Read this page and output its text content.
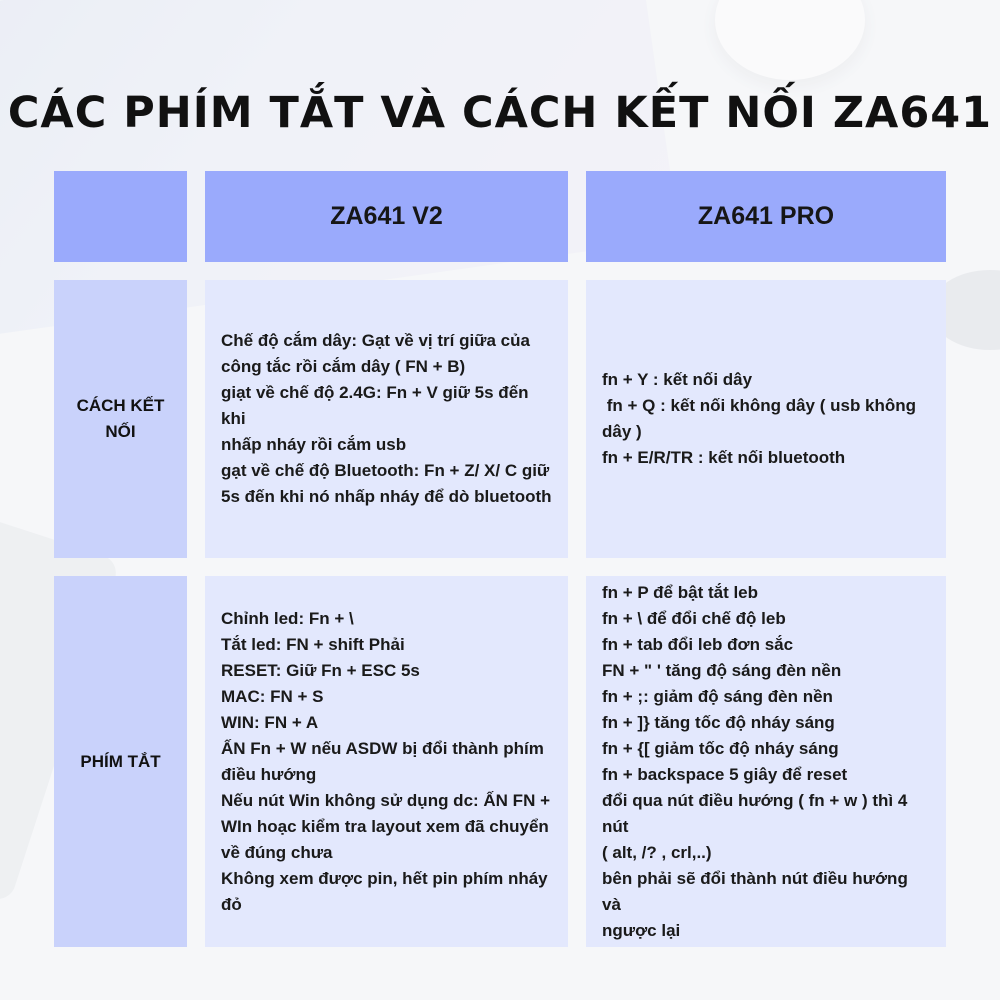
CÁC PHÍM TẮT VÀ CÁCH KẾT NỐI ZA641
ZA641 V2	ZA641 PRO
CÁCH KẾT NỐI
Chế độ cắm dây: Gạt về vị trí giữa của
công tắc rồi cắm dây ( FN + B)
giạt về chế độ 2.4G: Fn + V giữ 5s đến khi
nhấp nháy rồi cắm usb
gạt về chế độ Bluetooth: Fn + Z/ X/ C giữ
5s đến khi nó nhấp nháy để dò bluetooth
fn + Y : kết nối dây
fn + Q : kết nối không dây ( usb không
dây )
fn + E/R/TR : kết nối bluetooth
PHÍM TẮT
Chỉnh led: Fn + \
Tắt led: FN + shift Phải
RESET: Giữ Fn + ESC 5s
MAC: FN + S
WIN: FN + A
ẤN Fn + W nếu ASDW bị đổi thành phím
điều hướng
Nếu nút Win không sử dụng dc: ẤN FN +
WIn hoạc kiểm tra layout xem đã chuyển
về đúng chưa
Không xem được pin, hết pin phím nháy
đỏ
fn + P để bật tắt leb
fn + \ để đổi chế độ leb
fn + tab đổi leb đơn sắc
FN + " ' tăng độ sáng đèn nền
fn + ;: giảm độ sáng đèn nền
fn + ]} tăng tốc độ nháy sáng
fn + {[ giảm tốc độ nháy sáng
fn + backspace 5 giây để reset
đổi qua nút điều hướng ( fn + w ) thì 4 nút
( alt, /? , crl,..)
bên phải sẽ đổi thành nút điều hướng và
ngược lại
